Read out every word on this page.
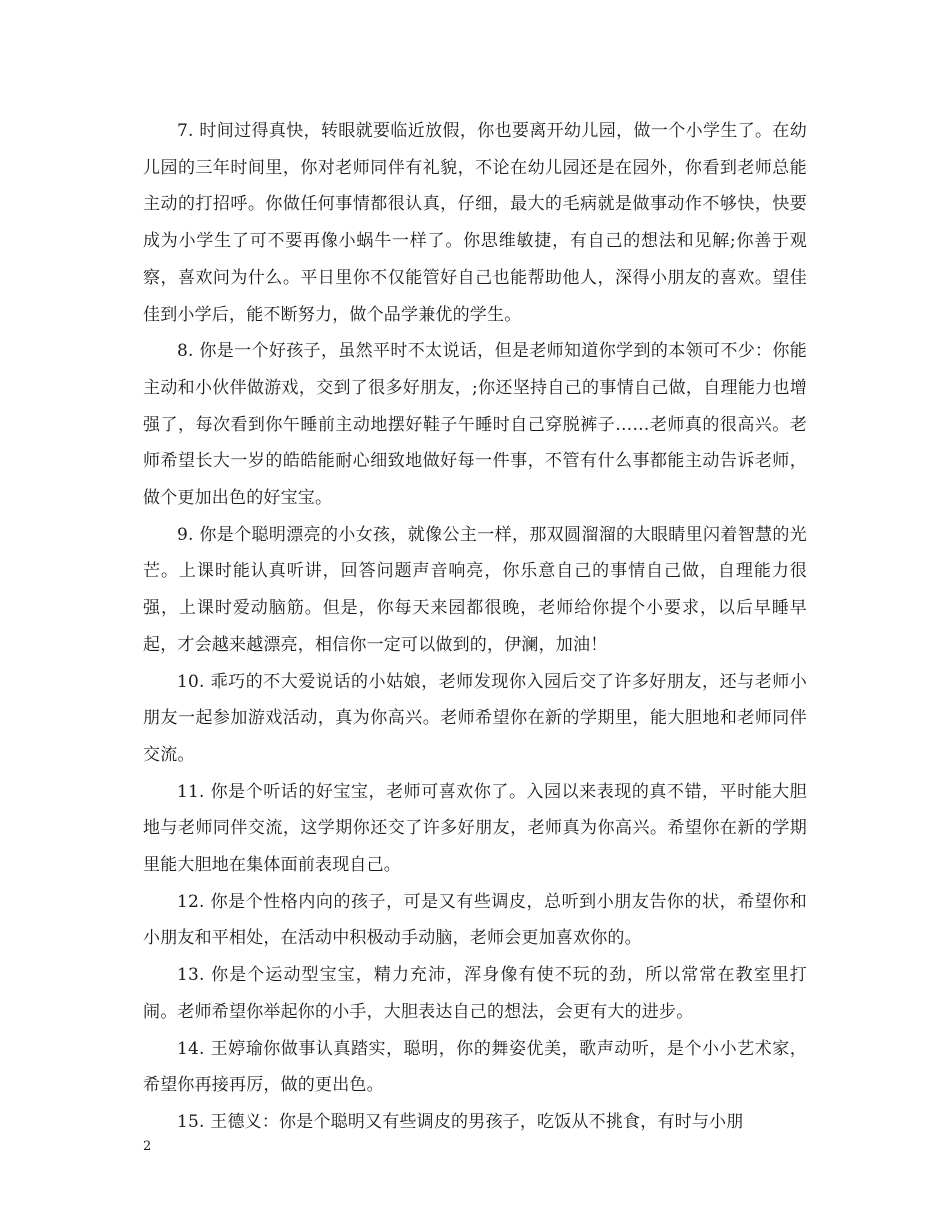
7. 时间过得真快，转眼就要临近放假，你也要离开幼儿园，做一个小学生了。在幼儿园的三年时间里，你对老师同伴有礼貌，不论在幼儿园还是在园外，你看到老师总能主动的打招呼。你做任何事情都很认真，仔细，最大的毛病就是做事动作不够快，快要成为小学生了可不要再像小蜗牛一样了。你思维敏捷，有自己的想法和见解;你善于观察，喜欢问为什么。平日里你不仅能管好自己也能帮助他人，深得小朋友的喜欢。望佳佳到小学后，能不断努力，做个品学兼优的学生。

8. 你是一个好孩子，虽然平时不太说话，但是老师知道你学到的本领可不少：你能主动和小伙伴做游戏，交到了很多好朋友，;你还坚持自己的事情自己做，自理能力也增强了，每次看到你午睡前主动地摆好鞋子午睡时自己穿脱裤子……老师真的很高兴。老师希望长大一岁的皓皓能耐心细致地做好每一件事，不管有什么事都能主动告诉老师，做个更加出色的好宝宝。

9. 你是个聪明漂亮的小女孩，就像公主一样，那双圆溜溜的大眼睛里闪着智慧的光芒。上课时能认真听讲，回答问题声音响亮，你乐意自己的事情自己做，自理能力很强，上课时爱动脑筋。但是，你每天来园都很晚，老师给你提个小要求，以后早睡早起，才会越来越漂亮，相信你一定可以做到的，伊澜，加油！

10. 乖巧的不大爱说话的小姑娘，老师发现你入园后交了许多好朋友，还与老师小朋友一起参加游戏活动，真为你高兴。老师希望你在新的学期里，能大胆地和老师同伴交流。

11. 你是个听话的好宝宝，老师可喜欢你了。入园以来表现的真不错，平时能大胆地与老师同伴交流，这学期你还交了许多好朋友，老师真为你高兴。希望你在新的学期里能大胆地在集体面前表现自己。

12. 你是个性格内向的孩子，可是又有些调皮，总听到小朋友告你的状，希望你和小朋友和平相处，在活动中积极动手动脑，老师会更加喜欢你的。

13. 你是个运动型宝宝，精力充沛，浑身像有使不玩的劲，所以常常在教室里打闹。老师希望你举起你的小手，大胆表达自己的想法，会更有大的进步。

14. 王婷瑜你做事认真踏实，聪明，你的舞姿优美，歌声动听，是个小小艺术家，希望你再接再厉，做的更出色。

15. 王德义：你是个聪明又有些调皮的男孩子，吃饭从不挑食，有时与小朋

2
